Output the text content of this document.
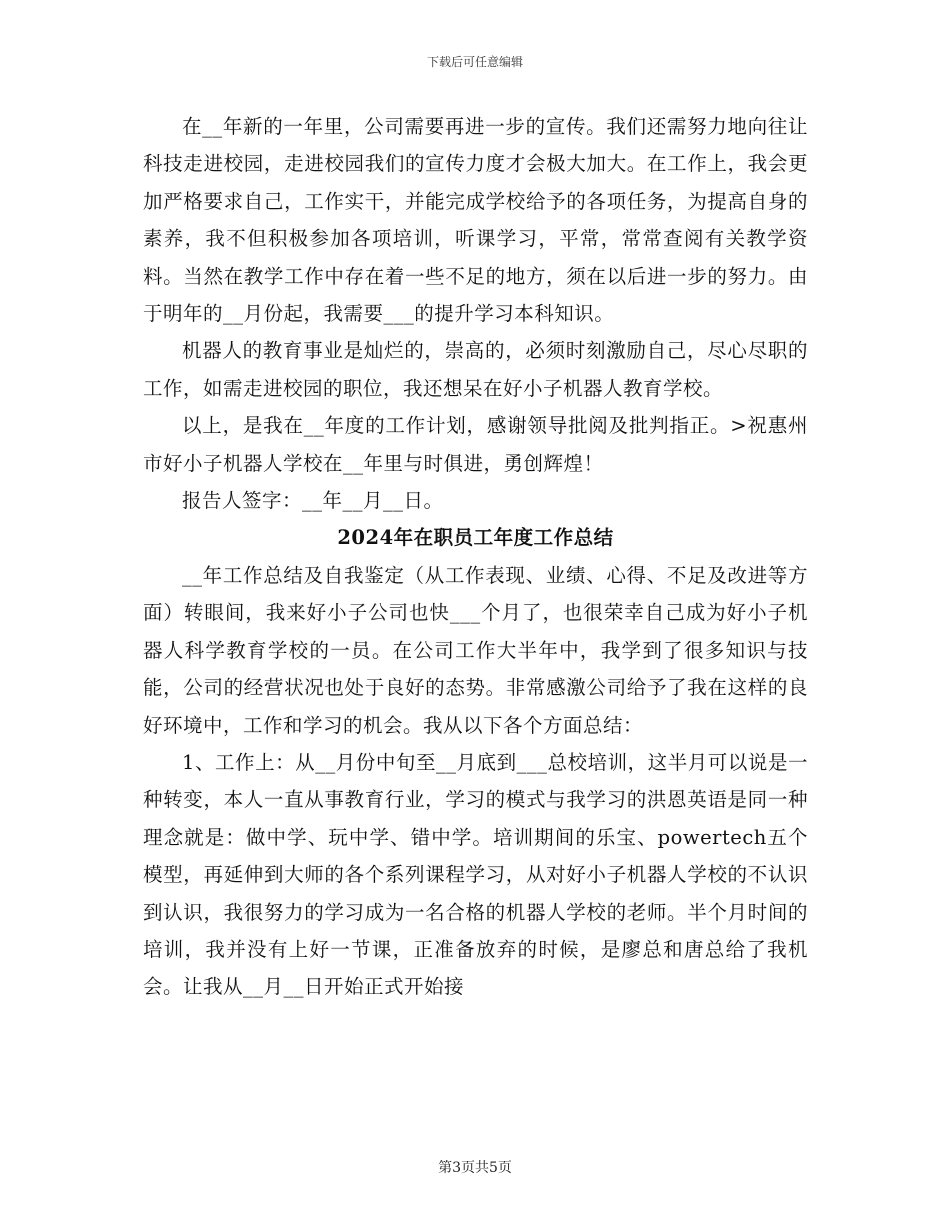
下载后可任意编辑

在__年新的一年里，公司需要再进一步的宣传。我们还需努力地向往让科技走进校园，走进校园我们的宣传力度才会极大加大。在工作上，我会更加严格要求自己，工作实干，并能完成学校给予的各项任务，为提高自身的素养，我不但积极参加各项培训，听课学习，平常，常常查阅有关教学资料。当然在教学工作中存在着一些不足的地方，须在以后进一步的努力。由于明年的__月份起，我需要___的提升学习本科知识。

机器人的教育事业是灿烂的，崇高的，必须时刻激励自己，尽心尽职的工作，如需走进校园的职位，我还想呆在好小子机器人教育学校。

以上，是我在__年度的工作计划，感谢领导批阅及批判指正。>祝惠州市好小子机器人学校在__年里与时俱进，勇创辉煌！

报告人签字：__年__月__日。

2024年在职员工年度工作总结

__年工作总结及自我鉴定（从工作表现、业绩、心得、不足及改进等方面）转眼间，我来好小子公司也快___个月了，也很荣幸自己成为好小子机器人科学教育学校的一员。在公司工作大半年中，我学到了很多知识与技能，公司的经营状况也处于良好的态势。非常感激公司给予了我在这样的良好环境中，工作和学习的机会。我从以下各个方面总结：

1、工作上：从__月份中旬至__月底到___总校培训，这半月可以说是一种转变，本人一直从事教育行业，学习的模式与我学习的洪恩英语是同一种理念就是：做中学、玩中学、错中学。培训期间的乐宝、powertech五个模型，再延伸到大师的各个系列课程学习，从对好小子机器人学校的不认识到认识，我很努力的学习成为一名合格的机器人学校的老师。半个月时间的培训，我并没有上好一节课，正准备放弃的时候，是廖总和唐总给了我机会。让我从__月__日开始正式开始接

第3页共5页
